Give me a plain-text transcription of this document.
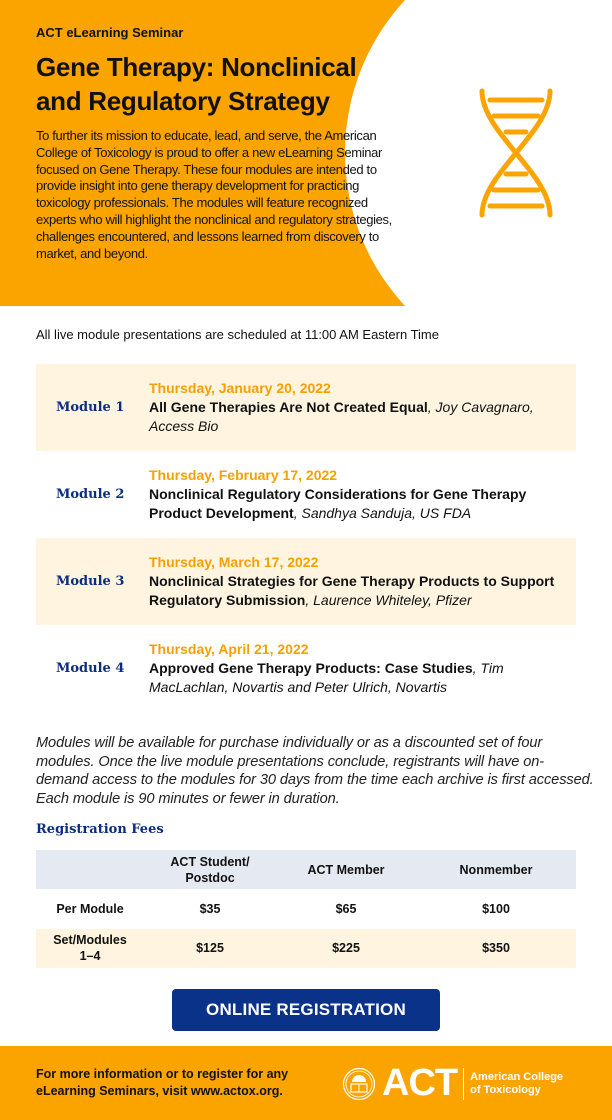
ACT eLearning Seminar
Gene Therapy: Nonclinical and Regulatory Strategy

To further its mission to educate, lead, and serve, the American College of Toxicology is proud to offer a new eLearning Seminar focused on Gene Therapy. These four modules are intended to provide insight into gene therapy development for practicing toxicology professionals. The modules will feature recognized experts who will highlight the nonclinical and regulatory strategies, challenges encountered, and lessons learned from discovery to market, and beyond.

All live module presentations are scheduled at 11:00 AM Eastern Time
Module 1
Thursday, January 20, 2022
All Gene Therapies Are Not Created Equal, Joy Cavagnaro, Access Bio
Module 2
Thursday, February 17, 2022
Nonclinical Regulatory Considerations for Gene Therapy Product Development, Sandhya Sanduja, US FDA
Module 3
Thursday, March 17, 2022
Nonclinical Strategies for Gene Therapy Products to Support Regulatory Submission, Laurence Whiteley, Pfizer
Module 4
Thursday, April 21, 2022
Approved Gene Therapy Products: Case Studies, Tim MacLachlan, Novartis and Peter Ulrich, Novartis

Modules will be available for purchase individually or as a discounted set of four modules. Once the live module presentations conclude, registrants will have on-demand access to the modules for 30 days from the time each archive is first accessed. Each module is 90 minutes or fewer in duration.

Registration Fees
	ACT Student/ Postdoc	ACT Member	Nonmember
Per Module	$35	$65	$100
Set/Modules 1–4	$125	$225	$350
ONLINE REGISTRATION
For more information or to register for any eLearning Seminars, visit www.actox.org.	ACT American College of Toxicology
